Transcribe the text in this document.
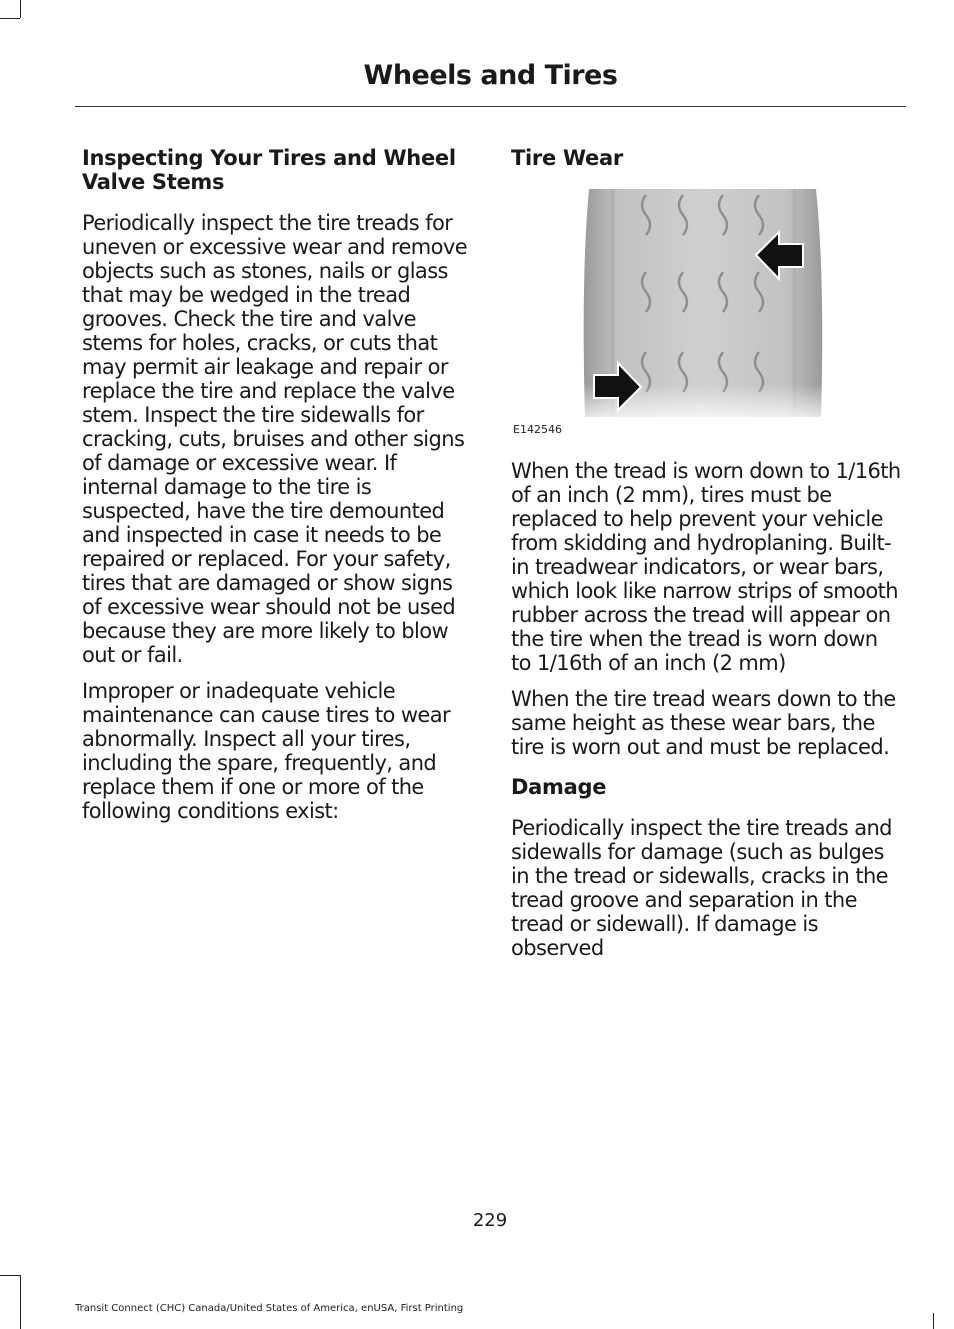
Wheels and Tires
Inspecting Your Tires and Wheel Valve Stems

Periodically inspect the tire treads for uneven or excessive wear and remove objects such as stones, nails or glass that may be wedged in the tread grooves. Check the tire and valve stems for holes, cracks, or cuts that may permit air leakage and repair or replace the tire and replace the valve stem. Inspect the tire sidewalls for cracking, cuts, bruises and other signs of damage or excessive wear. If internal damage to the tire is suspected, have the tire demounted and inspected in case it needs to be repaired or replaced. For your safety, tires that are damaged or show signs of excessive wear should not be used because they are more likely to blow out or fail.

Improper or inadequate vehicle maintenance can cause tires to wear abnormally. Inspect all your tires, including the spare, frequently, and replace them if one or more of the following conditions exist:

Tire Wear
E142546

When the tread is worn down to 1/16th of an inch (2 mm), tires must be replaced to help prevent your vehicle from skidding and hydroplaning. Built-in treadwear indicators, or wear bars, which look like narrow strips of smooth rubber across the tread will appear on the tire when the tread is worn down to 1/16th of an inch (2 mm)

When the tire tread wears down to the same height as these wear bars, the tire is worn out and must be replaced.

Damage

Periodically inspect the tire treads and sidewalls for damage (such as bulges in the tread or sidewalls, cracks in the tread groove and separation in the tread or sidewall). If damage is observed

229
Transit Connect (CHC) Canada/United States of America, enUSA, First Printing
